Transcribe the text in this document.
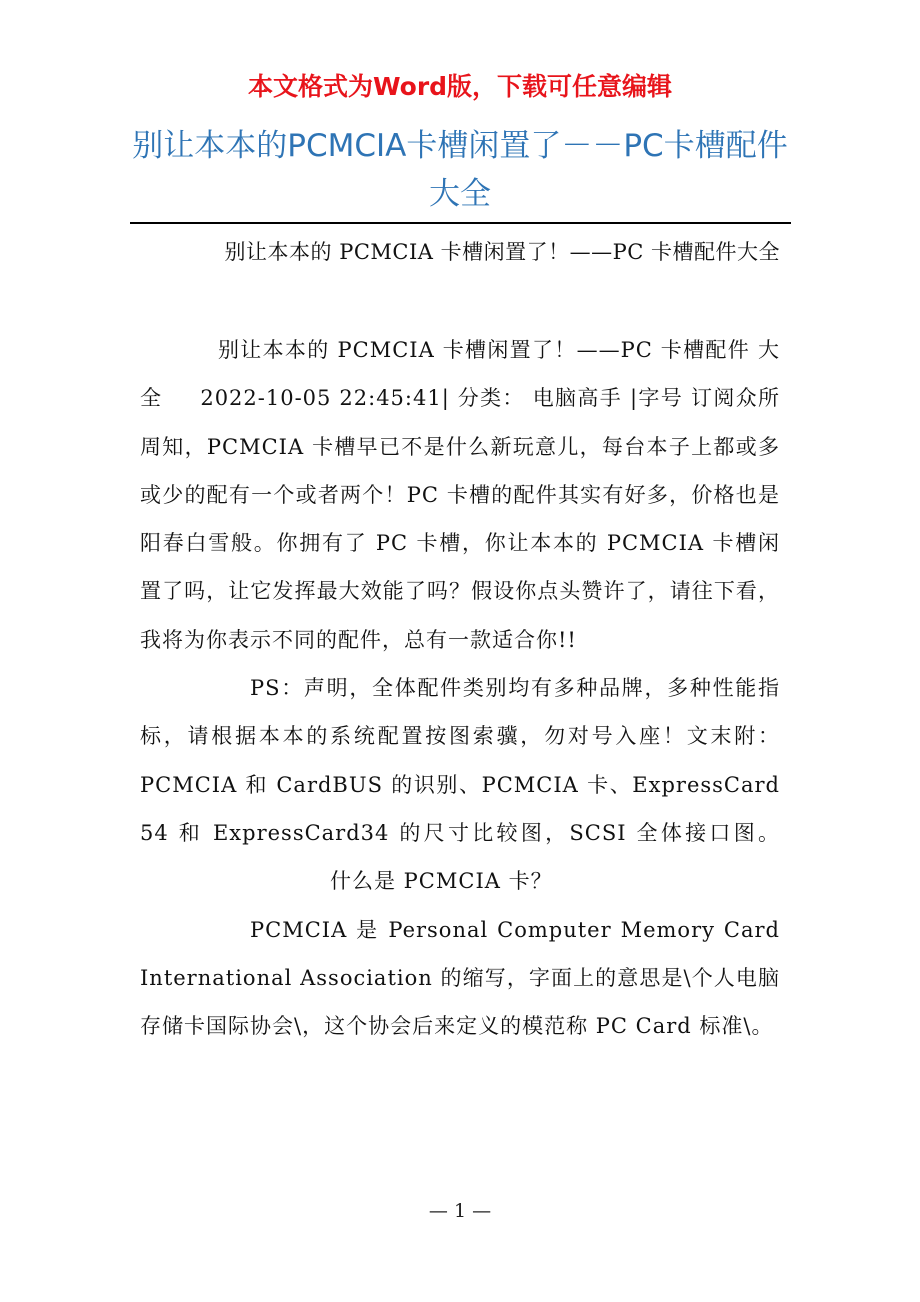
本文格式为Word版，下载可任意编辑
别让本本的PCMCIA卡槽闲置了－－PC卡槽配件大全
别让本本的 PCMCIA 卡槽闲置了！——PC 卡槽配件大全

别让本本的 PCMCIA 卡槽闲置了！——PC 卡槽配件 大全 2022-10-05 22:45:41| 分类： 电脑高手 |字号 订阅众所周知，PCMCIA 卡槽早已不是什么新玩意儿，每台本子上都或多或少的配有一个或者两个！PC 卡槽的配件其实有好多，价格也是阳春白雪般。你拥有了 PC 卡槽，你让本本的 PCMCIA 卡槽闲置了吗，让它发挥最大效能了吗？假设你点头赞许了，请往下看，我将为你表示不同的配件，总有一款适合你!!

PS：声明，全体配件类别均有多种品牌，多种性能指标，请根据本本的系统配置按图索骥，勿对号入座！文末附：PCMCIA 和 CardBUS 的识别、PCMCIA 卡、ExpressCard 54 和 ExpressCard34 的尺寸比较图，SCSI 全体接口图。什么是 PCMCIA 卡？

PCMCIA 是 Personal Computer Memory Card International Association 的缩写，字面上的意思是\个人电脑存储卡国际协会\，这个协会后来定义的模范称 PC Card 标准\。

— 1 —
